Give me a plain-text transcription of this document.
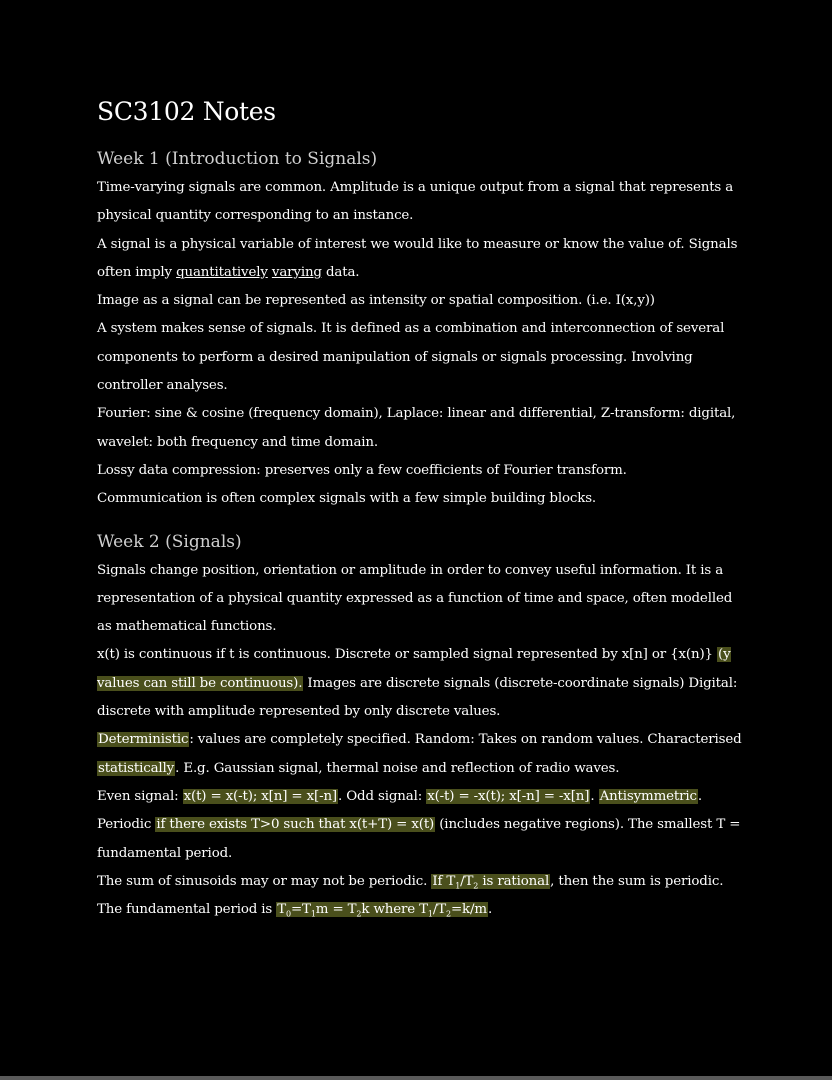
SC3102 Notes
Week 1 (Introduction to Signals)

Time-varying signals are common. Amplitude is a unique output from a signal that represents a physical quantity corresponding to an instance.

A signal is a physical variable of interest we would like to measure or know the value of. Signals often imply quantitatively varying data.

Image as a signal can be represented as intensity or spatial composition. (i.e. I(x,y))

A system makes sense of signals. It is defined as a combination and interconnection of several components to perform a desired manipulation of signals or signals processing. Involving controller analyses.

Fourier: sine & cosine (frequency domain), Laplace: linear and differential, Z-transform: digital, wavelet: both frequency and time domain.

Lossy data compression: preserves only a few coefficients of Fourier transform.

Communication is often complex signals with a few simple building blocks.

Week 2 (Signals)

Signals change position, orientation or amplitude in order to convey useful information. It is a representation of a physical quantity expressed as a function of time and space, often modelled as mathematical functions.

x(t) is continuous if t is continuous. Discrete or sampled signal represented by x[n] or {x(n)} (y values can still be continuous). Images are discrete signals (discrete-coordinate signals) Digital: discrete with amplitude represented by only discrete values.

Deterministic: values are completely specified. Random: Takes on random values. Characterised statistically. E.g. Gaussian signal, thermal noise and reflection of radio waves.

Even signal: x(t) = x(-t); x[n] = x[-n]. Odd signal: x(-t) = -x(t); x[-n] = -x[n]. Antisymmetric.

Periodic if there exists T>0 such that x(t+T) = x(t) (includes negative regions). The smallest T = fundamental period.

The sum of sinusoids may or may not be periodic. If $T_1/T_2$ is rational, then the sum is periodic. The fundamental period is $T_0=T_1m = T_2k$ where $T_1/T_2=k/m$.
